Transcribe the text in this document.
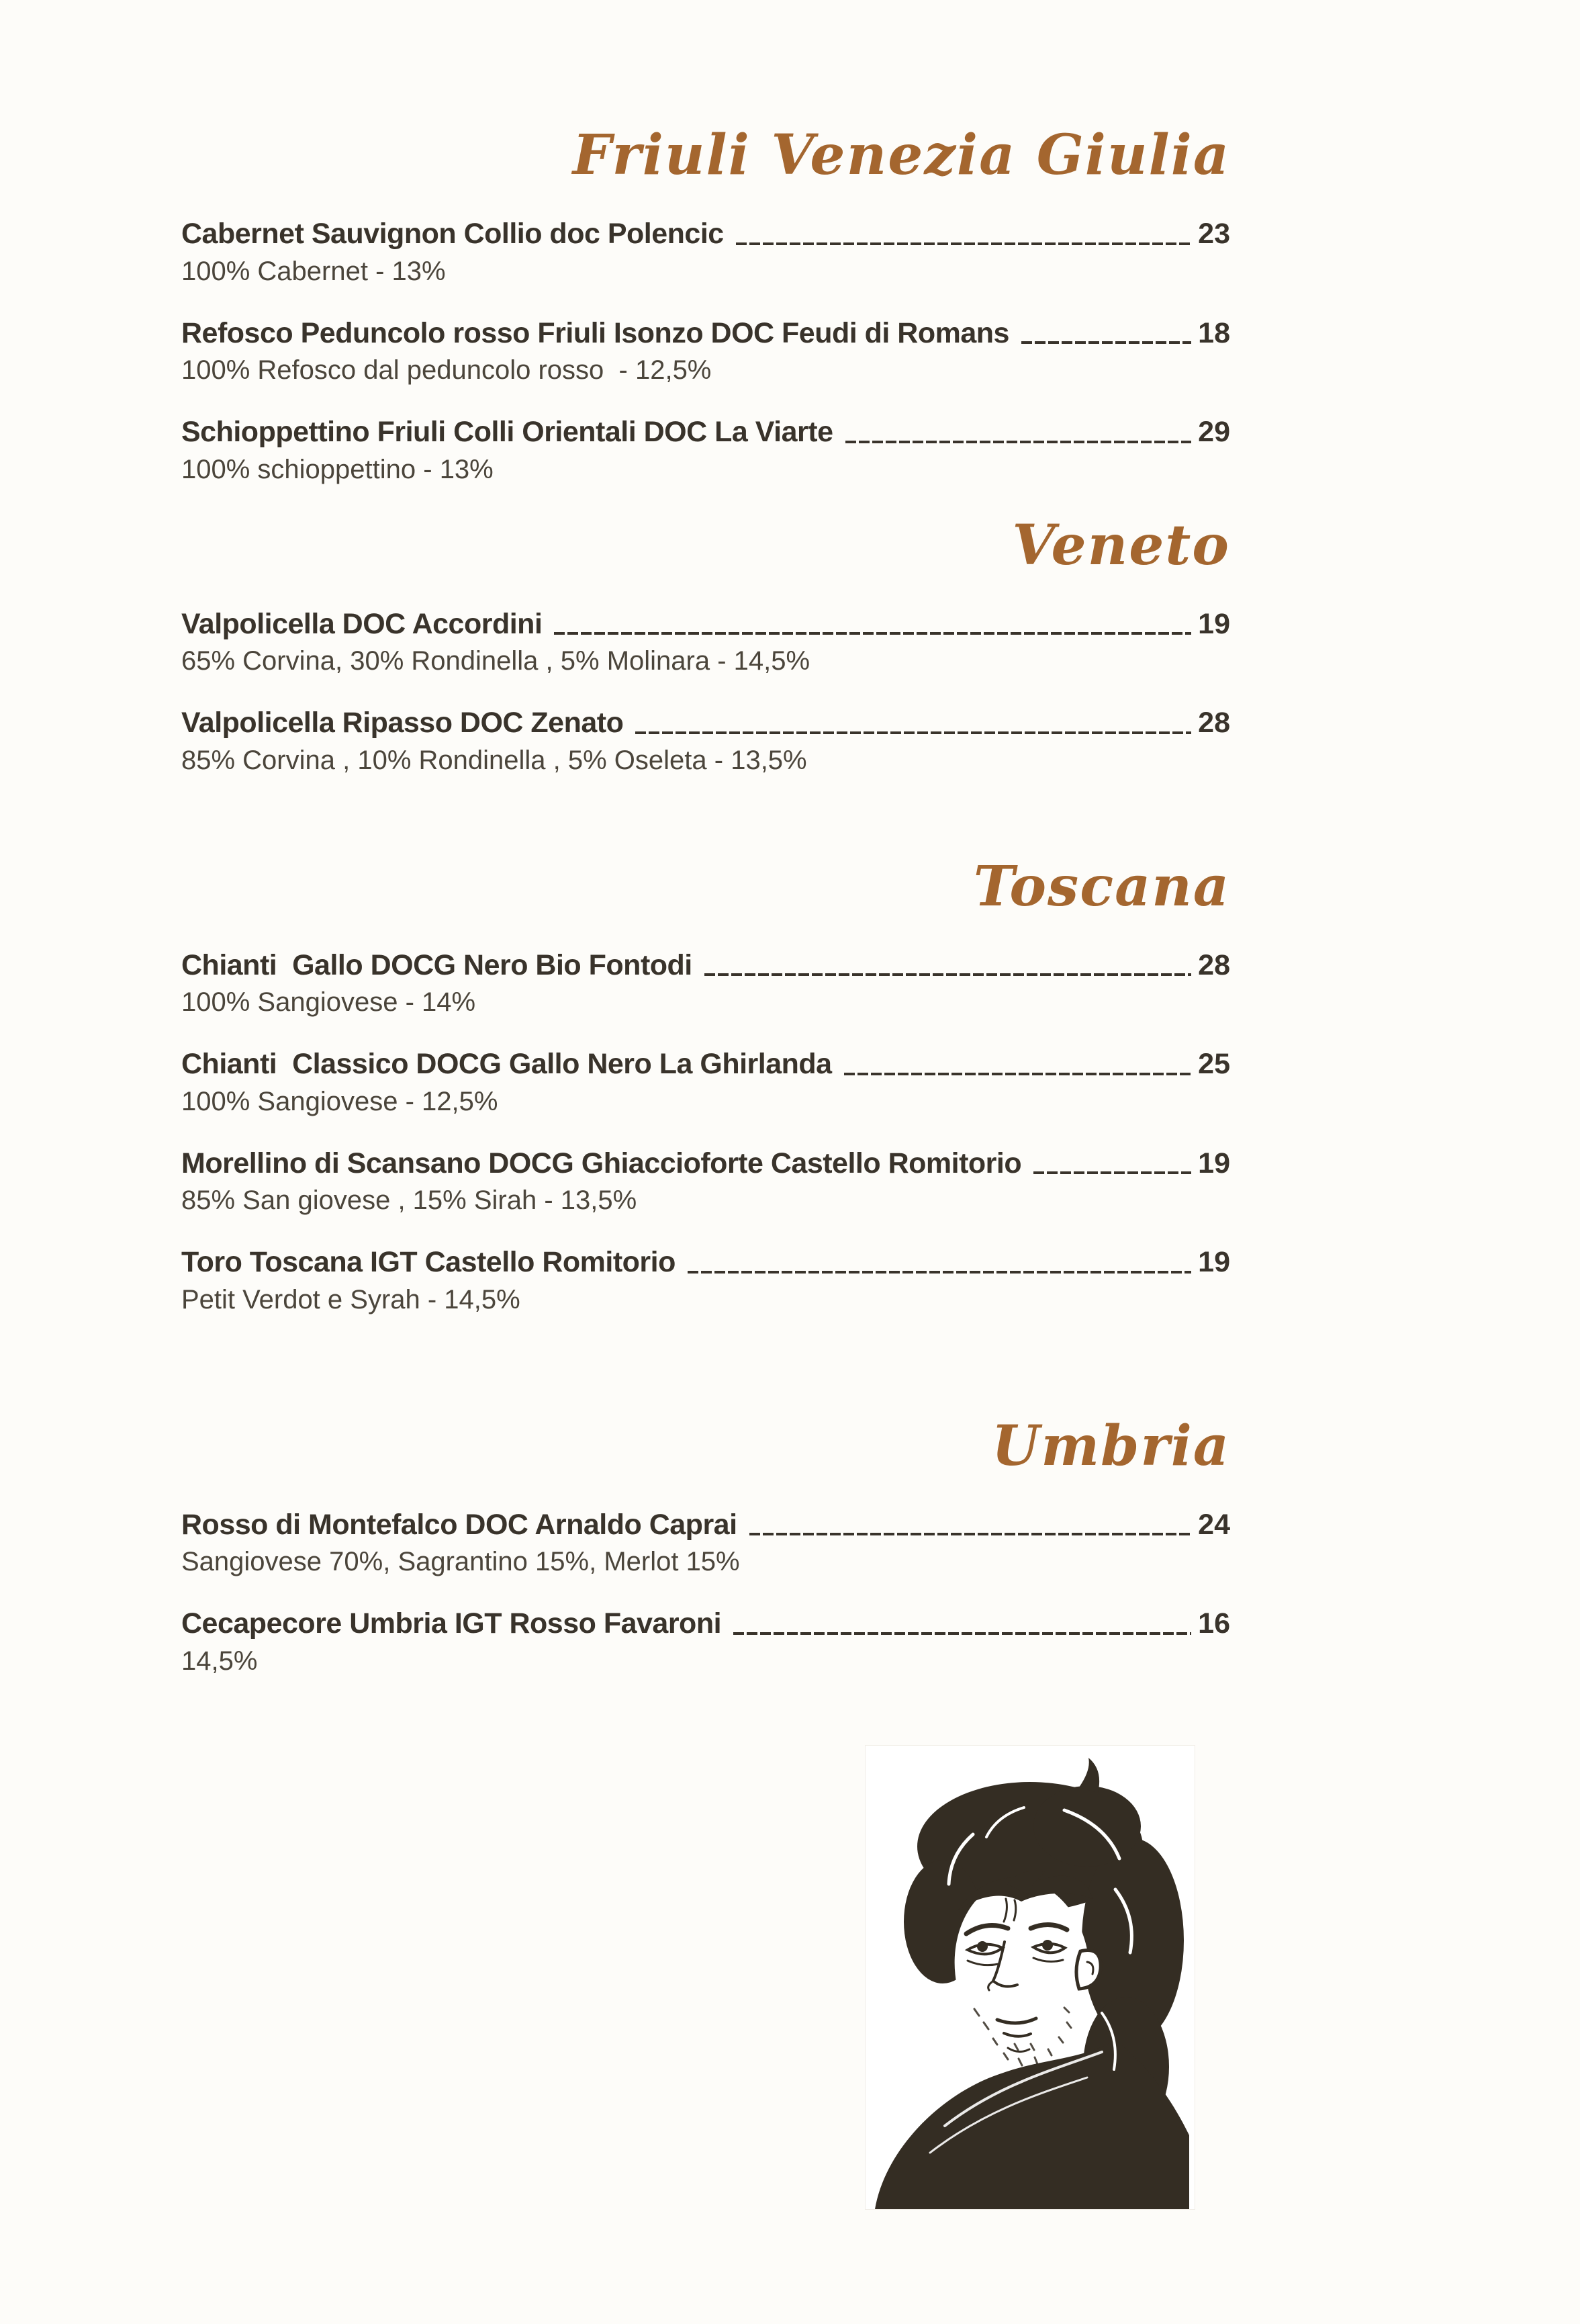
Friuli Venezia Giulia
Cabernet Sauvignon Collio doc Polencic	23

100% Cabernet - 13%

Refosco Peduncolo rosso Friuli Isonzo DOC Feudi di Romans	18

100% Refosco dal peduncolo rosso  - 12,5%

Schioppettino Friuli Colli Orientali DOC La Viarte	29

100% schioppettino - 13%

Veneto
Valpolicella DOC Accordini	19

65% Corvina, 30% Rondinella , 5% Molinara - 14,5%

Valpolicella Ripasso DOC Zenato	28

85% Corvina , 10% Rondinella , 5% Oseleta - 13,5%

Toscana
Chianti  Gallo DOCG Nero Bio Fontodi	28

100% Sangiovese - 14%

Chianti  Classico DOCG Gallo Nero La Ghirlanda	25

100% Sangiovese - 12,5%

Morellino di Scansano DOCG Ghiaccioforte Castello Romitorio	19

85% San giovese , 15% Sirah - 13,5%

Toro Toscana IGT Castello Romitorio	19

Petit Verdot e Syrah - 14,5%

Umbria
Rosso di Montefalco DOC Arnaldo Caprai	24

Sangiovese 70%, Sagrantino 15%, Merlot 15%

Cecapecore Umbria IGT Rosso Favaroni	16

14,5%
